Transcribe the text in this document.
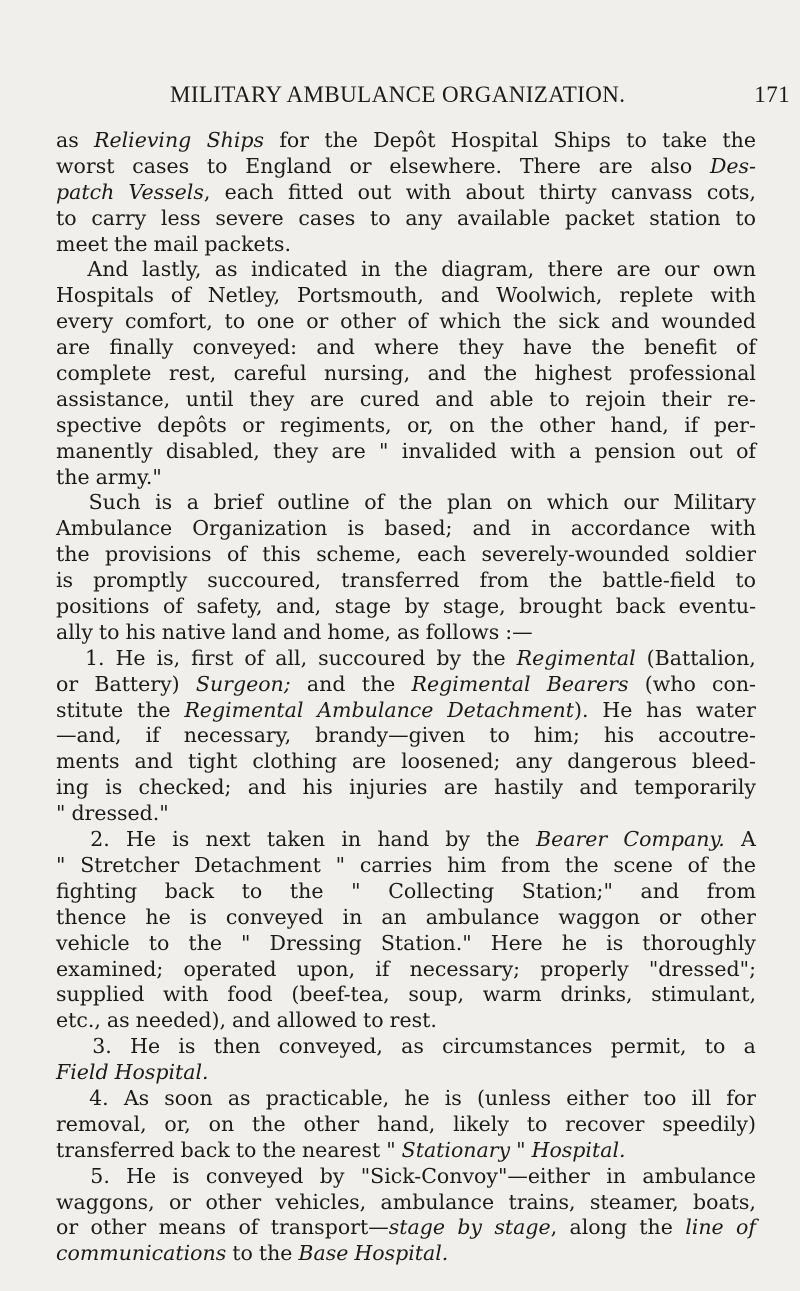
MILITARY AMBULANCE ORGANIZATION.	171
as Relieving Ships for the Depôt Hospital Ships to take the
worst cases to England or elsewhere. There are also Des-
patch Vessels, each fitted out with about thirty canvass cots,
to carry less severe cases to any available packet station to
meet the mail packets.
And lastly, as indicated in the diagram, there are our own
Hospitals of Netley, Portsmouth, and Woolwich, replete with
every comfort, to one or other of which the sick and wounded
are finally conveyed: and where they have the benefit of
complete rest, careful nursing, and the highest professional
assistance, until they are cured and able to rejoin their re-
spective depôts or regiments, or, on the other hand, if per-
manently disabled, they are " invalided with a pension out of
the army."
Such is a brief outline of the plan on which our Military
Ambulance Organization is based; and in accordance with
the provisions of this scheme, each severely-wounded soldier
is promptly succoured, transferred from the battle-field to
positions of safety, and, stage by stage, brought back eventu-
ally to his native land and home, as follows :—
1. He is, first of all, succoured by the Regimental (Battalion,
or Battery) Surgeon; and the Regimental Bearers (who con-
stitute the Regimental Ambulance Detachment). He has water
—and, if necessary, brandy—given to him; his accoutre-
ments and tight clothing are loosened; any dangerous bleed-
ing is checked; and his injuries are hastily and temporarily
" dressed."
2. He is next taken in hand by the Bearer Company. A
" Stretcher Detachment " carries him from the scene of the
fighting back to the " Collecting Station;" and from
thence he is conveyed in an ambulance waggon or other
vehicle to the " Dressing Station." Here he is thoroughly
examined; operated upon, if necessary; properly "dressed";
supplied with food (beef-tea, soup, warm drinks, stimulant,
etc., as needed), and allowed to rest.
3. He is then conveyed, as circumstances permit, to a
Field Hospital.
4. As soon as practicable, he is (unless either too ill for
removal, or, on the other hand, likely to recover speedily)
transferred back to the nearest " Stationary " Hospital.
5. He is conveyed by "Sick-Convoy"—either in ambulance
waggons, or other vehicles, ambulance trains, steamer, boats,
or other means of transport—stage by stage, along the line of
communications to the Base Hospital.
